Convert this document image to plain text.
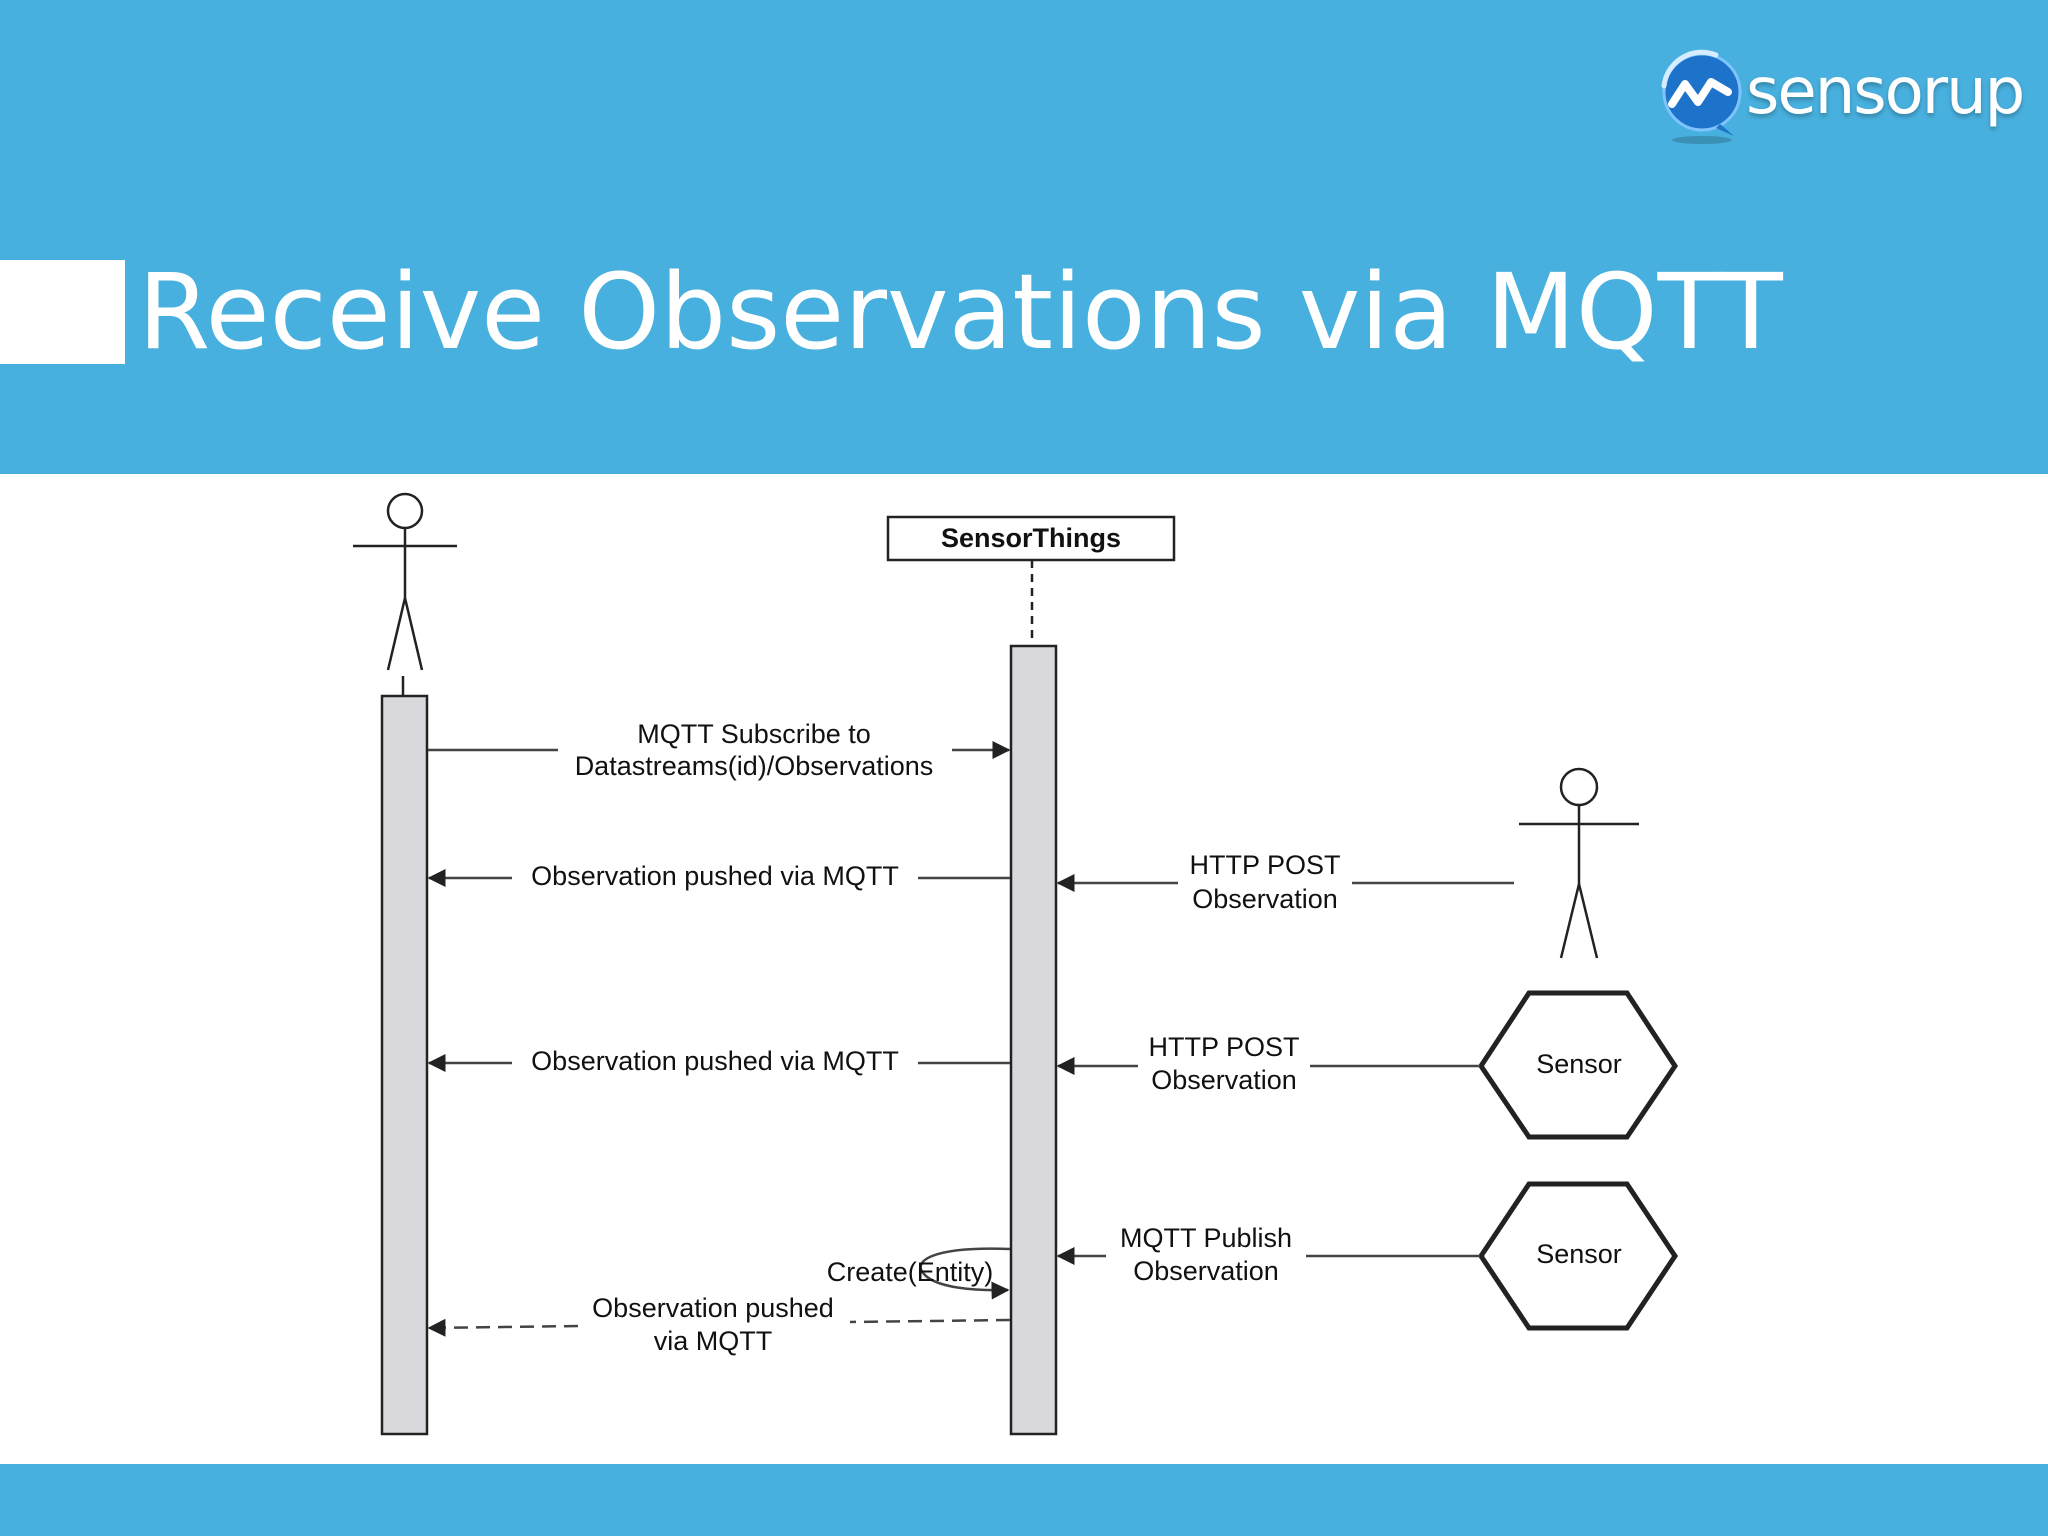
Receive Observations via MQTT
sensorup
SensorThings
Sensor
Sensor
MQTT Subscribe to
Datastreams(id)/Observations
Observation pushed via MQTT	HTTP POST
Observation
Observation pushed via MQTT	HTTP POST
Observation
MQTT Publish
Observation
Create(Entity)
Observation pushed
via MQTT
